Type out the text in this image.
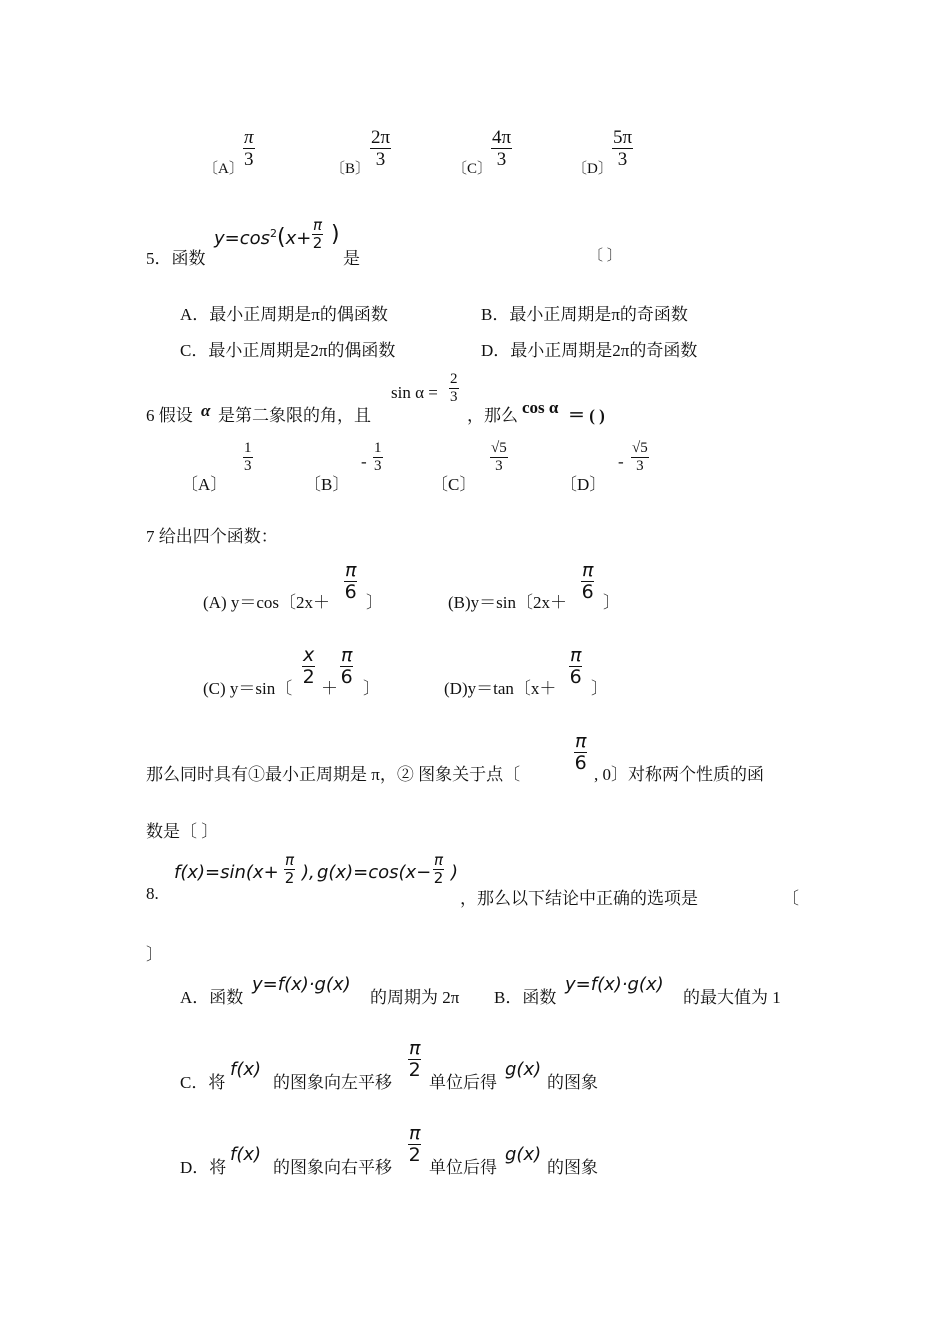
〔A〕
π
3	〔B〕
2π
3	〔C〕
4π
3	〔D〕
5π
3
5．函数
$y=\cos^2(x+$
π
2 )
是	〔 〕
A．最小正周期是π的偶函数	B．最小正周期是π的奇函数
C．最小正周期是2π的偶函数	D．最小正周期是2π的奇函数
6 假设 α 是第二象限的角，且
sin α =
2
3
，那么 cos α ＝ ( )
〔A〕
1
3
〔B〕
-
1
3
〔C〕
√5
3
〔D〕
-
√5
3
7 给出四个函数：
(A) y＝cos〔2x＋
π
6 〕	(B)y＝sin〔2x＋
π
6 〕
(C) y＝sin〔
x
2
＋
π
6
〕	(D)y＝tan〔x＋
π
6
〕
那么同时具有①最小正周期是 π，② 图象关于点〔
π
6
, 0〕对称两个性质的函
数是〔 〕
8.
f(x)=sin(x+
π
2 ), g(x)=cos(x−
π
2 )
，那么以下结论中正确的选项是	〔
〕
A．函数
y=f(x)·g(x)
的周期为 2π B．函数
y=f(x)·g(x)
的最大值为 1
C．将
f(x)
的图象向左平移
π
2
单位后得
g(x)
的图象
D．将
f(x)
的图象向右平移
π
2
单位后得
g(x)
的图象
